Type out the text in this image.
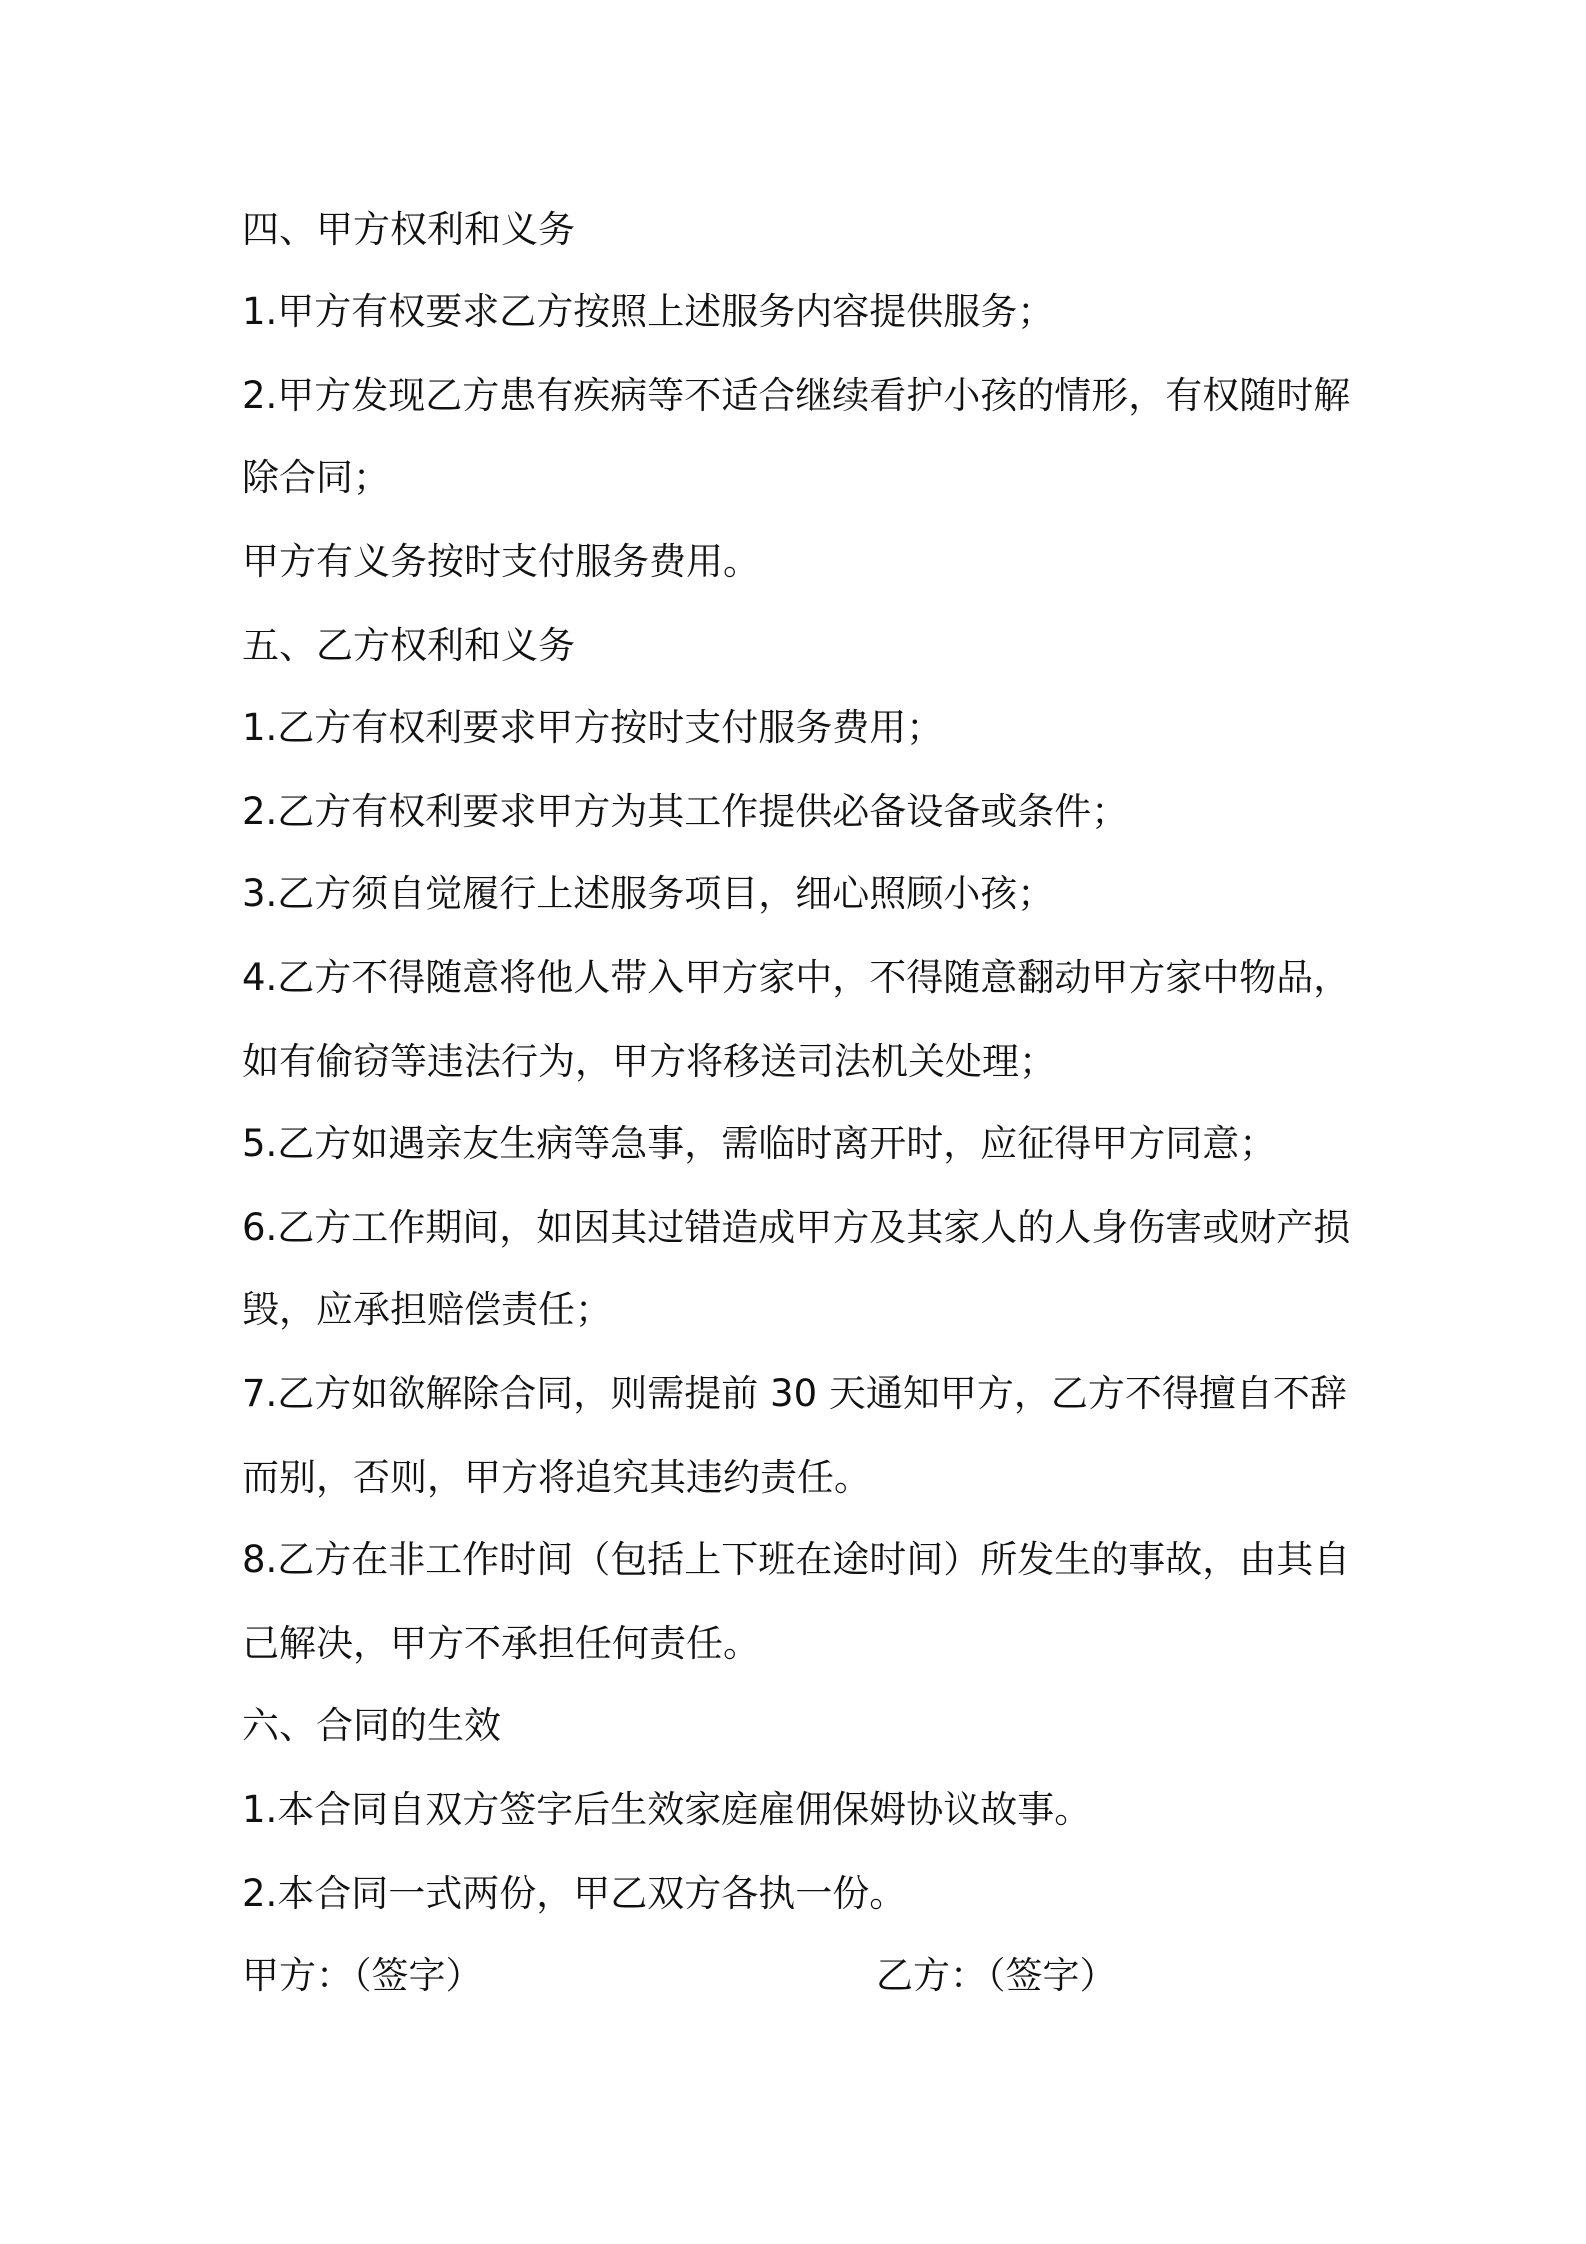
四、甲方权利和义务
1.甲方有权要求乙方按照上述服务内容提供服务；
2.甲方发现乙方患有疾病等不适合继续看护小孩的情形，有权随时解
除合同；
甲方有义务按时支付服务费用。
五、乙方权利和义务
1.乙方有权利要求甲方按时支付服务费用；
2.乙方有权利要求甲方为其工作提供必备设备或条件；
3.乙方须自觉履行上述服务项目，细心照顾小孩；
4.乙方不得随意将他人带入甲方家中，不得随意翻动甲方家中物品，
如有偷窃等违法行为，甲方将移送司法机关处理；
5.乙方如遇亲友生病等急事，需临时离开时，应征得甲方同意；
6.乙方工作期间，如因其过错造成甲方及其家人的人身伤害或财产损
毁，应承担赔偿责任；
7.乙方如欲解除合同，则需提前 30 天通知甲方，乙方不得擅自不辞
而别，否则，甲方将追究其违约责任。
8.乙方在非工作时间（包括上下班在途时间）所发生的事故，由其自
己解决，甲方不承担任何责任。
六、合同的生效
1.本合同自双方签字后生效家庭雇佣保姆协议故事。
2.本合同一式两份，甲乙双方各执一份。
甲方：（签字）	乙方：（签字）
